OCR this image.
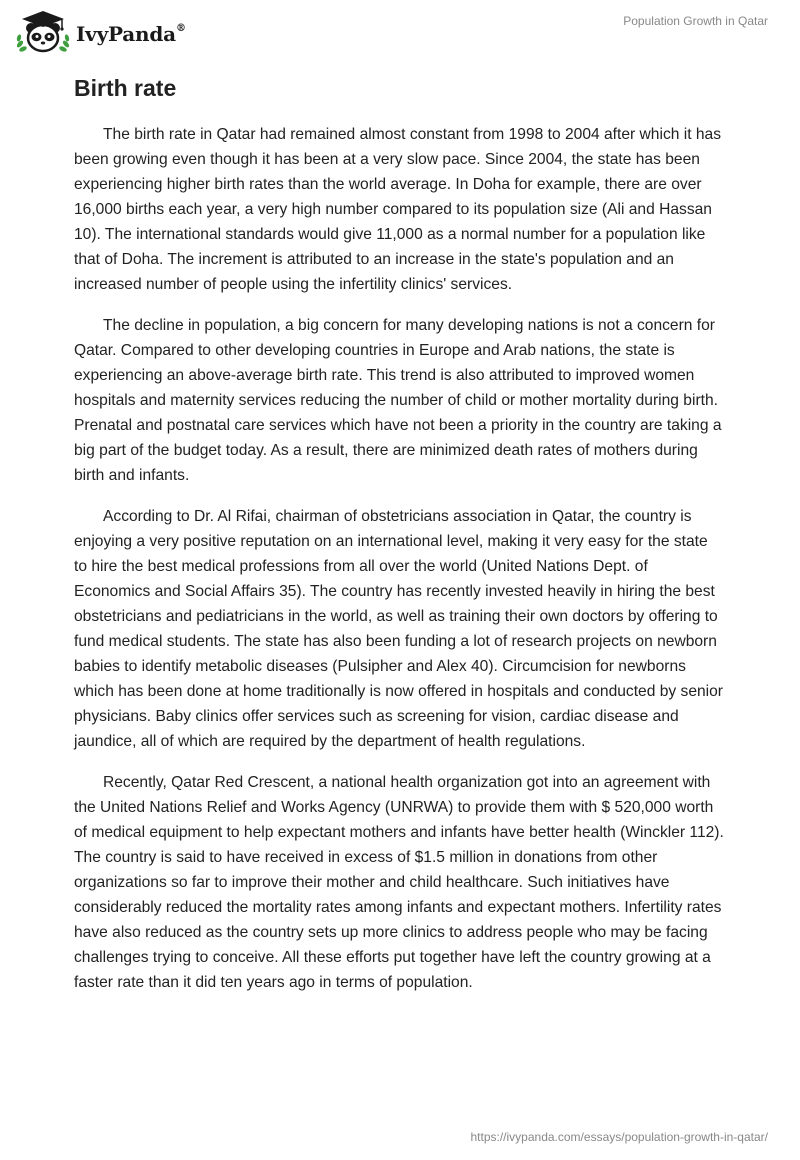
IvyPanda®
Population Growth in Qatar
Birth rate

The birth rate in Qatar had remained almost constant from 1998 to 2004 after which it has been growing even though it has been at a very slow pace. Since 2004, the state has been experiencing higher birth rates than the world average. In Doha for example, there are over 16,000 births each year, a very high number compared to its population size (Ali and Hassan 10). The international standards would give 11,000 as a normal number for a population like that of Doha. The increment is attributed to an increase in the state's population and an increased number of people using the infertility clinics' services.

The decline in population, a big concern for many developing nations is not a concern for Qatar. Compared to other developing countries in Europe and Arab nations, the state is experiencing an above-average birth rate. This trend is also attributed to improved women hospitals and maternity services reducing the number of child or mother mortality during birth. Prenatal and postnatal care services which have not been a priority in the country are taking a big part of the budget today. As a result, there are minimized death rates of mothers during birth and infants.

According to Dr. Al Rifai, chairman of obstetricians association in Qatar, the country is enjoying a very positive reputation on an international level, making it very easy for the state to hire the best medical professions from all over the world (United Nations Dept. of Economics and Social Affairs 35). The country has recently invested heavily in hiring the best obstetricians and pediatricians in the world, as well as training their own doctors by offering to fund medical students. The state has also been funding a lot of research projects on newborn babies to identify metabolic diseases (Pulsipher and Alex 40). Circumcision for newborns which has been done at home traditionally is now offered in hospitals and conducted by senior physicians. Baby clinics offer services such as screening for vision, cardiac disease and jaundice, all of which are required by the department of health regulations.

Recently, Qatar Red Crescent, a national health organization got into an agreement with the United Nations Relief and Works Agency (UNRWA) to provide them with $ 520,000 worth of medical equipment to help expectant mothers and infants have better health (Winckler 112). The country is said to have received in excess of $1.5 million in donations from other organizations so far to improve their mother and child healthcare. Such initiatives have considerably reduced the mortality rates among infants and expectant mothers. Infertility rates have also reduced as the country sets up more clinics to address people who may be facing challenges trying to conceive. All these efforts put together have left the country growing at a faster rate than it did ten years ago in terms of population.

https://ivypanda.com/essays/population-growth-in-qatar/
